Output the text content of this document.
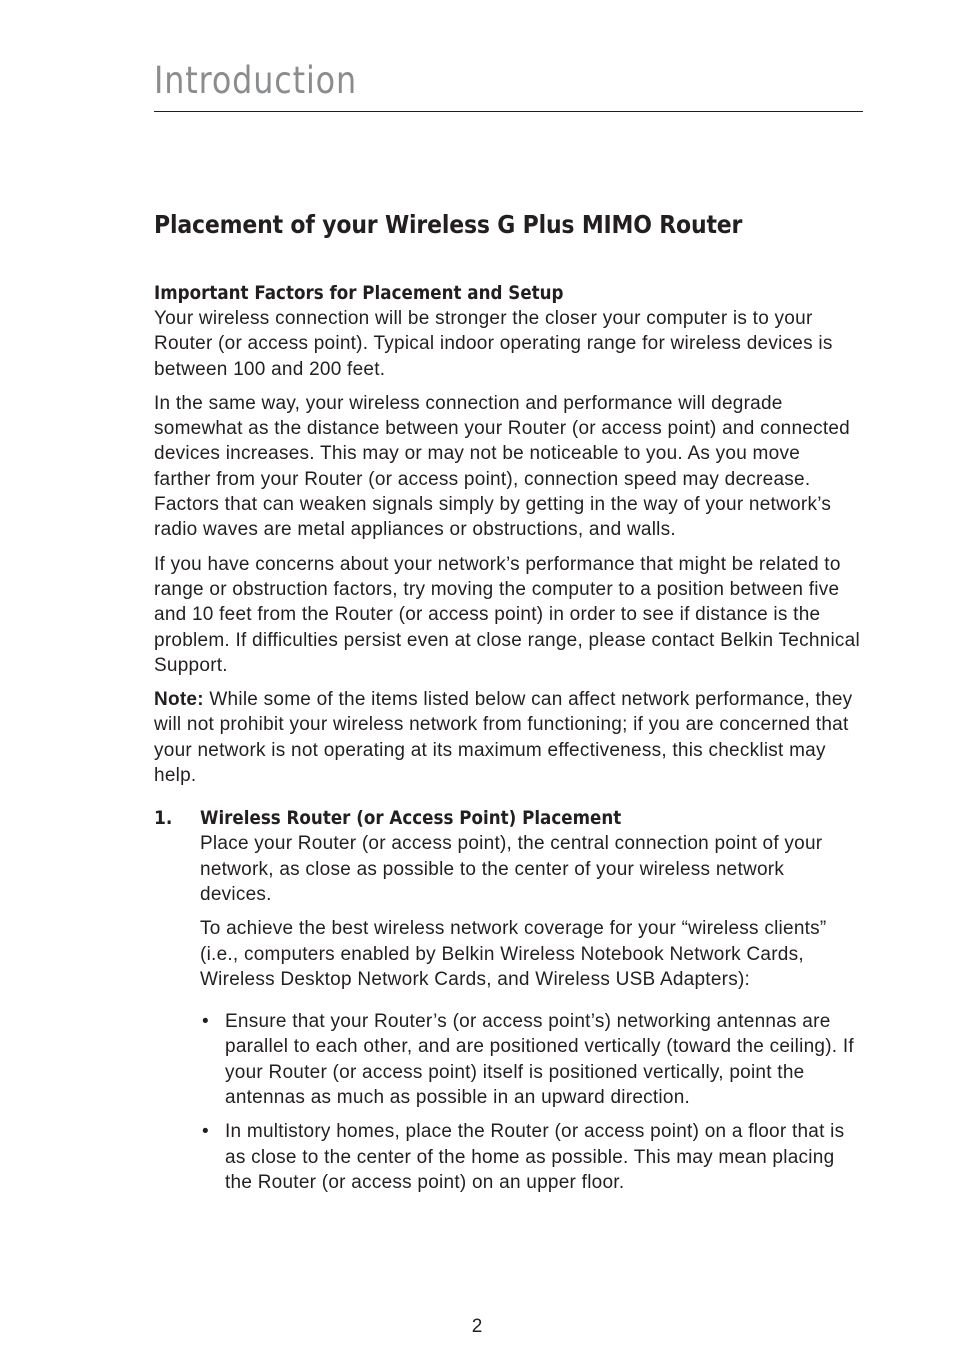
Introduction
Placement of your Wireless G Plus MIMO Router
Important Factors for Placement and Setup

Your wireless connection will be stronger the closer your computer is to your Router (or access point). Typical indoor operating range for wireless devices is between 100 and 200 feet.

In the same way, your wireless connection and performance will degrade somewhat as the distance between your Router (or access point) and connected devices increases. This may or may not be noticeable to you. As you move farther from your Router (or access point), connection speed may decrease. Factors that can weaken signals simply by getting in the way of your network’s radio waves are metal appliances or obstructions, and walls.

If you have concerns about your network’s performance that might be related to range or obstruction factors, try moving the computer to a position between five and 10 feet from the Router (or access point) in order to see if distance is the problem. If difficulties persist even at close range, please contact Belkin Technical Support.

Note: While some of the items listed below can affect network performance, they will not prohibit your wireless network from functioning; if you are concerned that your network is not operating at its maximum effectiveness, this checklist may help.

1. Wireless Router (or Access Point) Placement

Place your Router (or access point), the central connection point of your network, as close as possible to the center of your wireless network devices.

To achieve the best wireless network coverage for your “wireless clients” (i.e., computers enabled by Belkin Wireless Notebook Network Cards, Wireless Desktop Network Cards, and Wireless USB Adapters):

• Ensure that your Router’s (or access point’s) networking antennas are parallel to each other, and are positioned vertically (toward the ceiling). If your Router (or access point) itself is positioned vertically, point the antennas as much as possible in an upward direction.
• In multistory homes, place the Router (or access point) on a floor that is as close to the center of the home as possible. This may mean placing the Router (or access point) on an upper floor.
2
